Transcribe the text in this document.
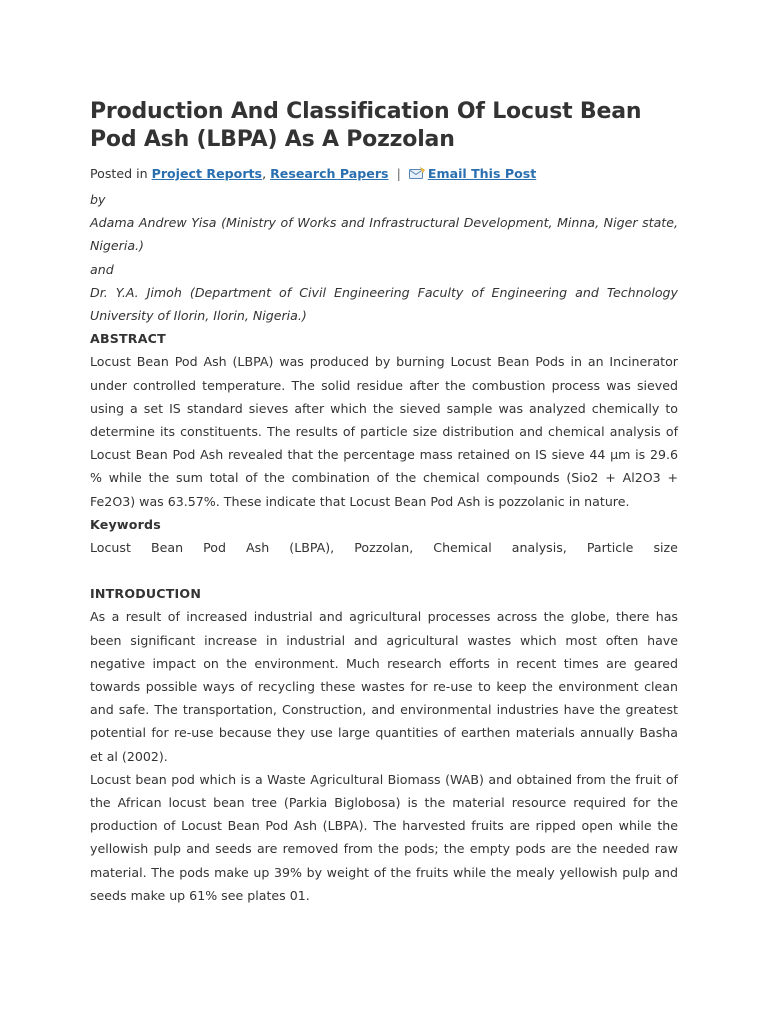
Production And Classification Of Locust Bean Pod Ash (LBPA) As A Pozzolan
Posted in Project Reports, Research Papers | Email This Post

by

Adama Andrew Yisa (Ministry of Works and Infrastructural Development, Minna, Niger state, Nigeria.)

and

Dr. Y.A. Jimoh (Department of Civil Engineering Faculty of Engineering and Technology University of Ilorin, Ilorin, Nigeria.)

ABSTRACT

Locust Bean Pod Ash (LBPA) was produced by burning Locust Bean Pods in an Incinerator under controlled temperature. The solid residue after the combustion process was sieved using a set IS standard sieves after which the sieved sample was analyzed chemically to determine its constituents. The results of particle size distribution and chemical analysis of Locust Bean Pod Ash revealed that the percentage mass retained on IS sieve 44 µm is 29.6 % while the sum total of the combination of the chemical compounds (Sio2 + Al2O3 + Fe2O3) was 63.57%. These indicate that Locust Bean Pod Ash is pozzolanic in nature.

Keywords

Locust Bean Pod Ash (LBPA), Pozzolan, Chemical analysis, Particle size

INTRODUCTION

As a result of increased industrial and agricultural processes across the globe, there has been significant increase in industrial and agricultural wastes which most often have negative impact on the environment. Much research efforts in recent times are geared towards possible ways of recycling these wastes for re-use to keep the environment clean and safe. The transportation, Construction, and environmental industries have the greatest potential for re-use because they use large quantities of earthen materials annually Basha et al (2002).

Locust bean pod which is a Waste Agricultural Biomass (WAB) and obtained from the fruit of the African locust bean tree (Parkia Biglobosa) is the material resource required for the production of Locust Bean Pod Ash (LBPA). The harvested fruits are ripped open while the yellowish pulp and seeds are removed from the pods; the empty pods are the needed raw material. The pods make up 39% by weight of the fruits while the mealy yellowish pulp and seeds make up 61% see plates 01.
